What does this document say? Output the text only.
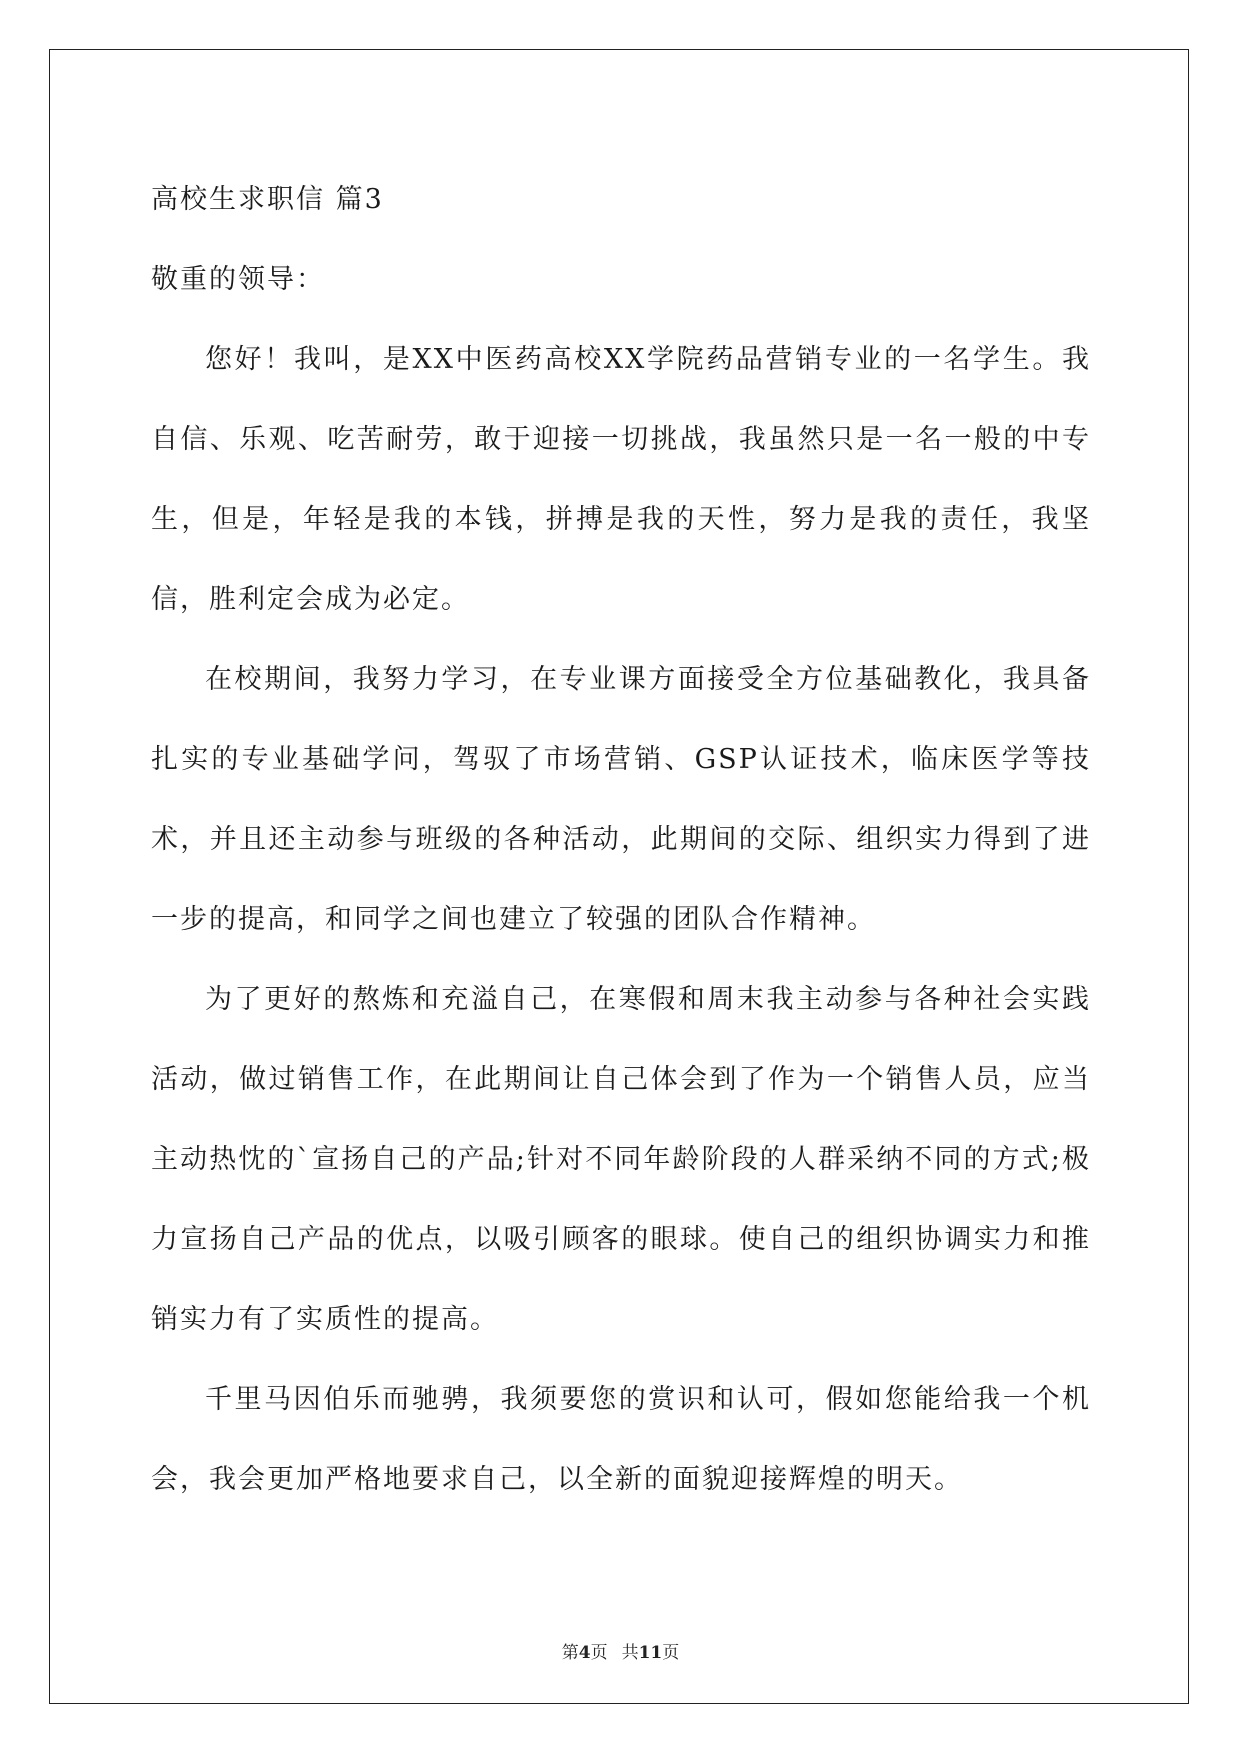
高校生求职信 篇3
敬重的领导：

您好！我叫，是XX中医药高校XX学院药品营销专业的一名学生。我自信、乐观、吃苦耐劳，敢于迎接一切挑战，我虽然只是一名一般的中专生，但是，年轻是我的本钱，拼搏是我的天性，努力是我的责任，我坚信，胜利定会成为必定。

在校期间，我努力学习，在专业课方面接受全方位基础教化，我具备扎实的专业基础学问，驾驭了市场营销、GSP认证技术，临床医学等技术，并且还主动参与班级的各种活动，此期间的交际、组织实力得到了进一步的提高，和同学之间也建立了较强的团队合作精神。

为了更好的熬炼和充溢自己，在寒假和周末我主动参与各种社会实践活动，做过销售工作，在此期间让自己体会到了作为一个销售人员，应当主动热忱的`宣扬自己的产品;针对不同年龄阶段的人群采纳不同的方式;极力宣扬自己产品的优点，以吸引顾客的眼球。使自己的组织协调实力和推销实力有了实质性的提高。

千里马因伯乐而驰骋，我须要您的赏识和认可，假如您能给我一个机会，我会更加严格地要求自己，以全新的面貌迎接辉煌的明天。

第4页 共11页
